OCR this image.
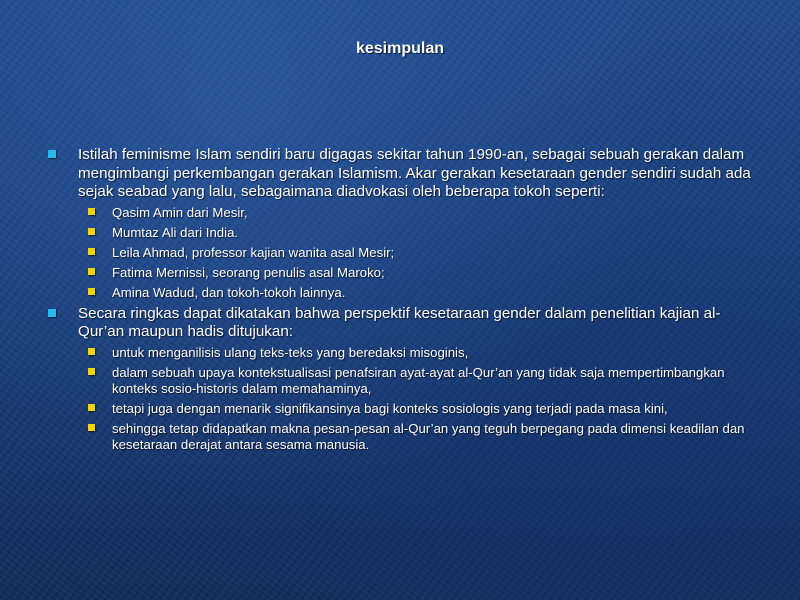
kesimpulan
Istilah feminisme Islam sendiri baru digagas sekitar tahun 1990-an, sebagai sebuah gerakan dalam mengimbangi perkembangan gerakan Islamism. Akar gerakan kesetaraan gender sendiri sudah ada sejak seabad yang lalu, sebagaimana diadvokasi oleh beberapa tokoh seperti:
Qasim Amin dari Mesir,
Mumtaz Ali dari India.
Leila Ahmad, professor kajian wanita asal Mesir;
Fatima Mernissi, seorang penulis asal Maroko;
Amina Wadud, dan tokoh-tokoh lainnya.
Secara ringkas dapat dikatakan bahwa perspektif kesetaraan gender dalam penelitian kajian al-Qur’an maupun hadis ditujukan:
untuk menganilisis ulang teks-teks yang beredaksi misoginis,
dalam sebuah upaya kontekstualisasi penafsiran ayat-ayat al-Qur’an yang tidak saja mempertimbangkan konteks sosio-historis dalam memahaminya,
tetapi juga dengan menarik signifikansinya bagi konteks sosiologis yang terjadi pada masa kini,
sehingga tetap didapatkan makna pesan-pesan al-Qur’an yang teguh berpegang pada dimensi keadilan dan kesetaraan derajat antara sesama manusia.
